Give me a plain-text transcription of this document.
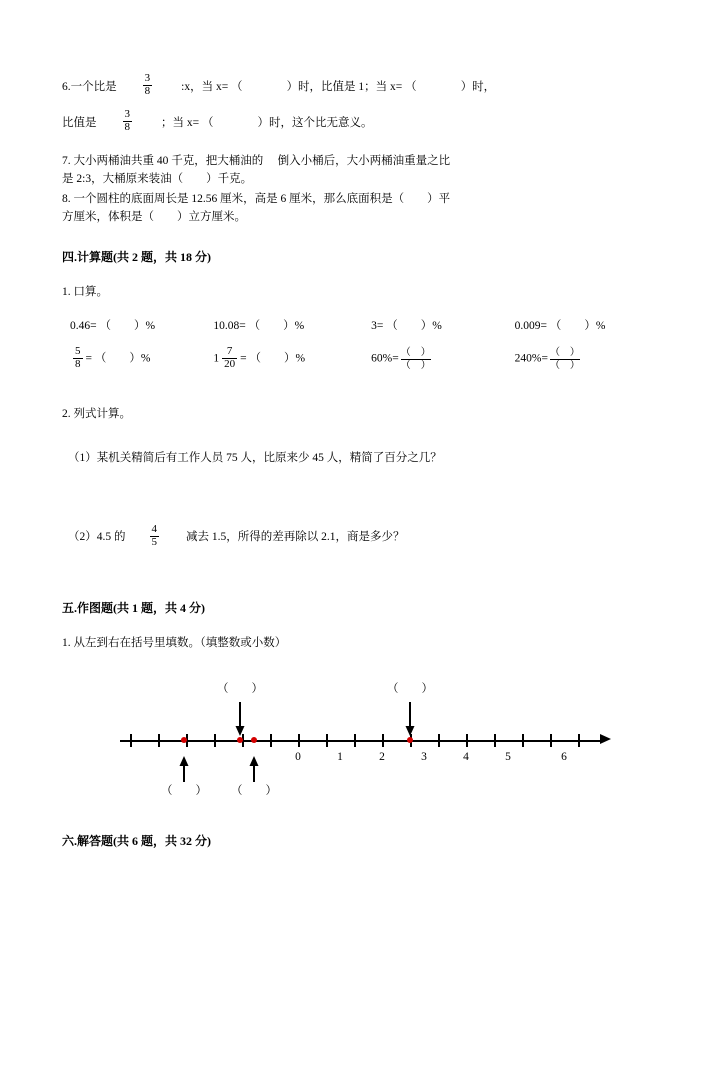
6.一个比是 $\frac{3}{8}$	:x，当 x= （	）时，比值是 1；当 x= （	）时，
比值是 $\frac{3}{8}$	；当 x= （	）时，这个比无意义。
7. 大小两桶油共重 40 千克，把大桶油的　 倒入小桶后，大小两桶油重量之比
是 2:3，大桶原来装油（　　）千克。
8. 一个圆柱的底面周长是 12.56 厘米，高是 6 厘米，那么底面积是（　　）平
方厘米，体积是（　　）立方厘米。
四.计算题(共 2 题，共 18 分)
1. 口算。
0.46= （　　）%	10.08= （　　）%	3= （　　）%	0.009= （　　）%
$\frac{5}{8}$ = （　　）%	$1 \frac{7}{20}$ = （　　）%	$60\%= \frac{( )}{( )}$	$240\%= \frac{( )}{( )}$
2. 列式计算。
（1）某机关精简后有工作人员 75 人，比原来少 45 人，精简了百分之几？
（2）4.5 的 $\frac{4}{5}$ 减去 1.5，所得的差再除以 2.1，商是多少？
五.作图题(共 1 题，共 4 分)
1. 从左到右在括号里填数。（填整数或小数）
0	1	2	3	4	5	6
（　　）	（　　）
（　　） （　　）
六.解答题(共 6 题，共 32 分)
